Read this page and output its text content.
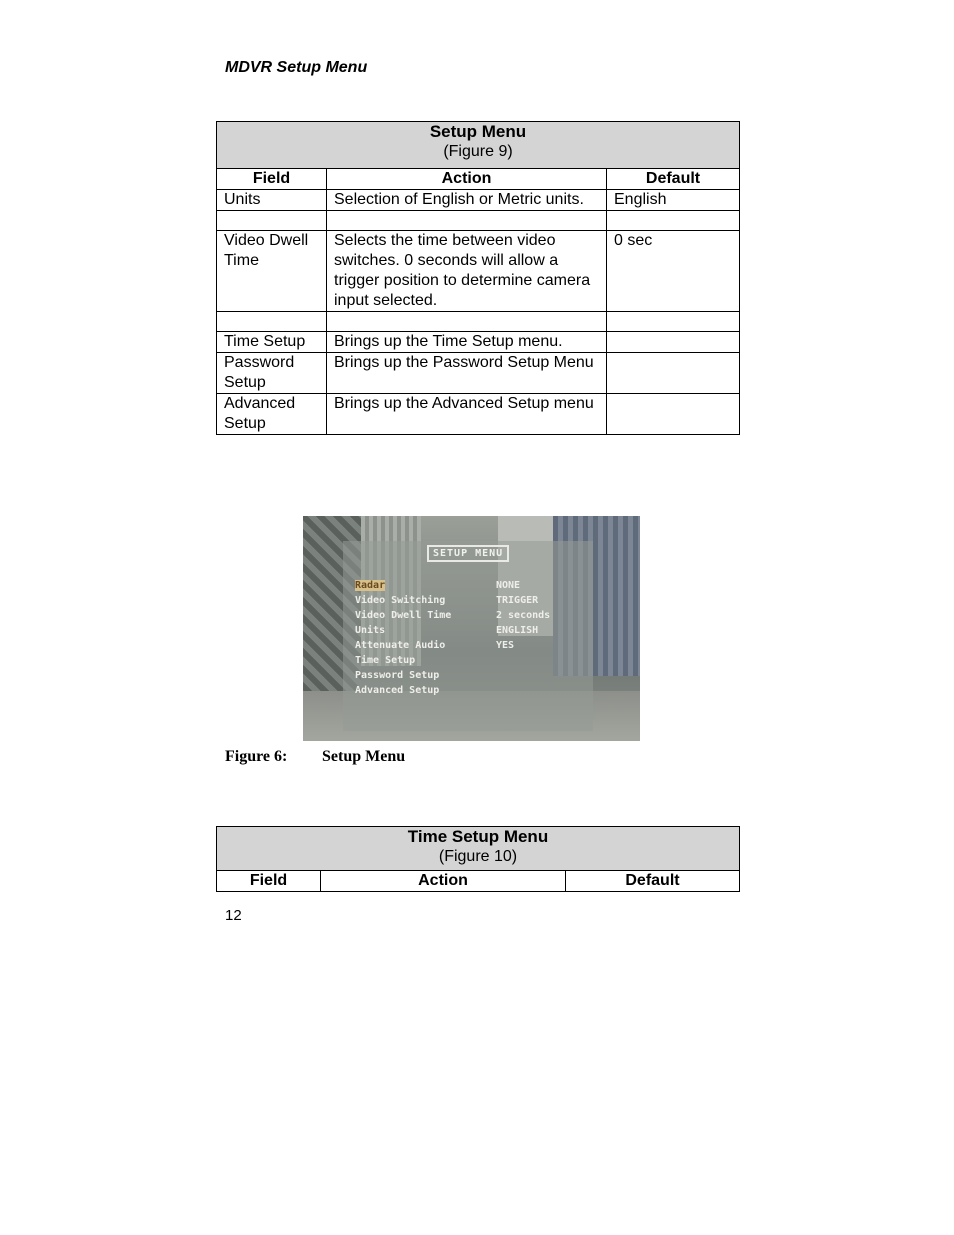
MDVR Setup Menu
Setup Menu
(Figure 9)		

Field	Action	Default
Units	Selection of English or Metric units.	English

Video Dwell Time	Selects the time between video switches. 0 seconds will allow a trigger position to determine camera input selected.	0 sec

Time Setup	Brings up the Time Setup menu.	
Password Setup	Brings up the Password Setup Menu	
Advanced Setup	Brings up the Advanced Setup menu	
SETUP MENU
Radar	NONE
Video Switching	TRIGGER
Video Dwell Time	2 seconds
Units	ENGLISH
Attenuate Audio	YES
Time Setup
Password Setup
Advanced Setup
Figure 6: Setup Menu
Time Setup Menu
(Figure 10)

Field	Action	Default
12
